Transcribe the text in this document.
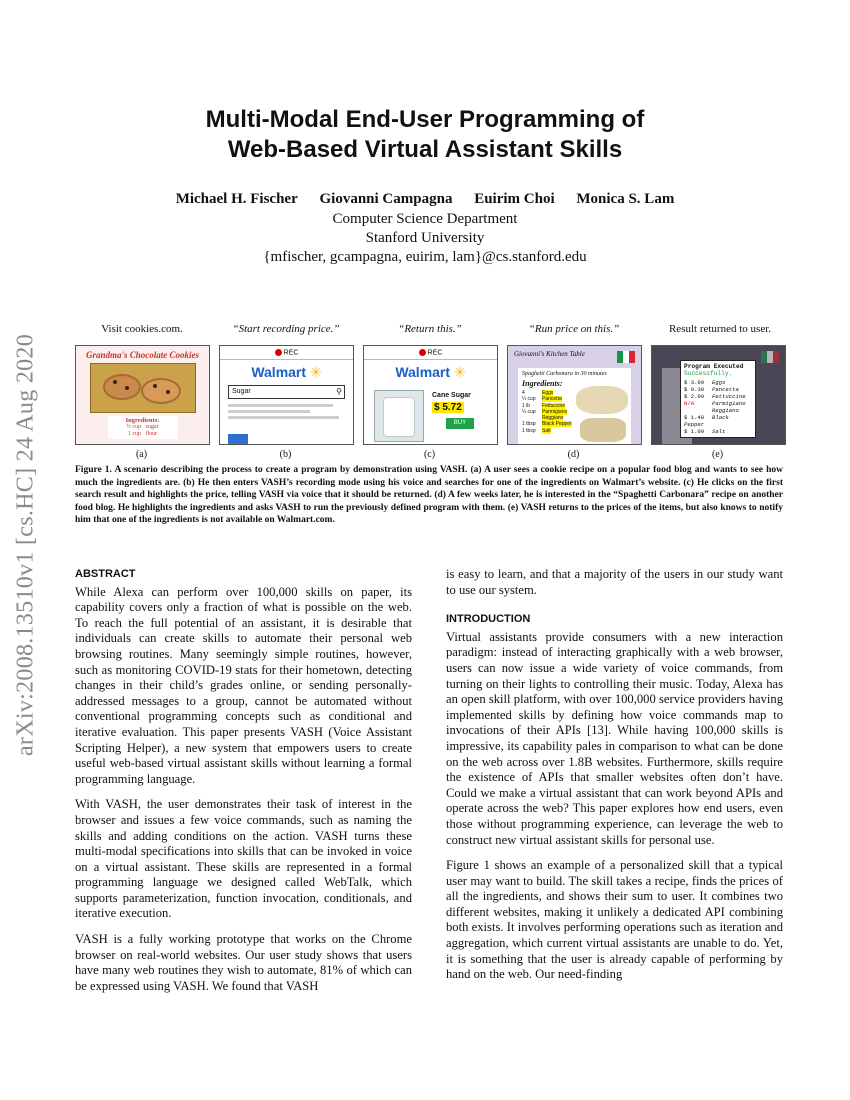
arXiv:2008.13510v1 [cs.HC] 24 Aug 2020
Multi-Modal End-User Programming of
Web-Based Virtual Assistant Skills
Michael H. Fischer Giovanni Campagna Euirim Choi Monica S. Lam
Computer Science Department
Stanford University
{mfischer, gcampagna, euirim, lam}@cs.stanford.edu
Visit cookies.com.	“Start recording price.”	“Return this.”	“Run price on this.”	Result returned to user.
Grandma's Chocolate Cookies
Ingredients:
½ cup   sugar
1 cup   flour
REC
Walmart ✳
Sugar	⚲
REC
Walmart ✳
Cane Sugar
$ 5.72
BUY
Giovanni's Kitchen Table
Spaghetti Carbonara in 30 minutes
Ingredients:
4	Eggs
¼ cup Pancetta
1 lb Fettuccine
¼ cup Parmigiano
Reggiano
1 tbsp Black Pepper
1 tbsp Salt
Program Executed
Successfully.
$ 3.99 Eggs
$ 9.30 Pancetta
$ 2.99 Fettuccine
N/A	Parmigiano
Reggiano
$ 1.48 Black Pepper
$ 1.09 Salt
(a)	(b)	(c)	(d)	(e)
Figure 1. A scenario describing the process to create a program by demonstration using VASH. (a) A user sees a cookie recipe on a popular food blog and wants to see how much the ingredients are. (b) He then enters VASH’s recording mode using his voice and searches for one of the ingredients on Walmart’s website. (c) He clicks on the first search result and highlights the price, telling VASH via voice that it should be returned. (d) A few weeks later, he is interested in the “Spaghetti Carbonara” recipe on another food blog. He highlights the ingredients and asks VASH to run the previously defined program with them. (e) VASH returns to the prices of the items, but also knows to notify him that one of the ingredients is not available on Walmart.com.
ABSTRACT

While Alexa can perform over 100,000 skills on paper, its capability covers only a fraction of what is possible on the web. To reach the full potential of an assistant, it is desirable that individuals can create skills to automate their personal web browsing routines. Many seemingly simple routines, however, such as monitoring COVID-19 stats for their hometown, detecting changes in their child’s grades online, or sending personally-addressed messages to a group, cannot be automated without conventional programming concepts such as conditional and iterative evaluation. This paper presents VASH (Voice Assistant Scripting Helper), a new system that empowers users to create useful web-based virtual assistant skills without learning a formal programming language.

With VASH, the user demonstrates their task of interest in the browser and issues a few voice commands, such as naming the skills and adding conditions on the action. VASH turns these multi-modal specifications into skills that can be invoked in voice on a virtual assistant. These skills are represented in a formal programming language we designed called WebTalk, which supports parameterization, function invocation, conditionals, and iterative execution.

VASH is a fully working prototype that works on the Chrome browser on real-world websites. Our user study shows that users have many web routines they wish to automate, 81% of which can be expressed using VASH. We found that VASH

is easy to learn, and that a majority of the users in our study want to use our system.

INTRODUCTION

Virtual assistants provide consumers with a new interaction paradigm: instead of interacting graphically with a web browser, users can now issue a wide variety of voice commands, from turning on their lights to controlling their music. Today, Alexa has an open skill platform, with over 100,000 service providers having implemented skills by defining how voice commands map to invocations of their APIs [13]. While having 100,000 skills is impressive, its capability pales in comparison to what can be done on the web across over 1.8B websites. Furthermore, skills require the existence of APIs that smaller websites often don’t have. Could we make a virtual assistant that can work beyond APIs and operate across the web? This paper explores how end users, even those without programming experience, can leverage the web to construct new virtual assistant skills for personal use.

Figure 1 shows an example of a personalized skill that a typical user may want to build. The skill takes a recipe, finds the prices of all the ingredients, and shows their sum to user. It combines two different websites, making it unlikely a dedicated API combining both exists. It involves performing operations such as iteration and aggregation, which current virtual assistants are unable to do. Yet, it is something that the user is already capable of performing by hand on the web. Our need-finding
